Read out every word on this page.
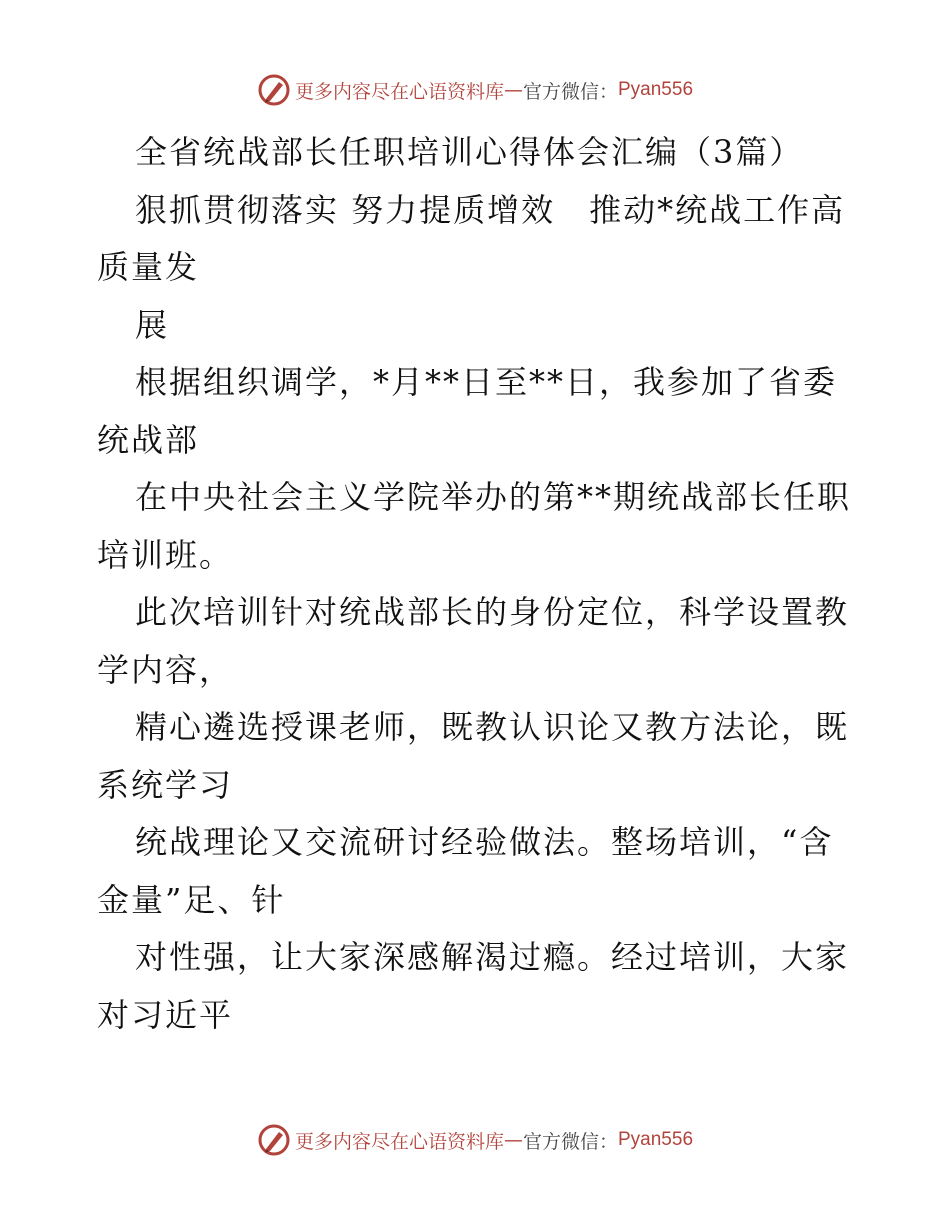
更多内容尽在心语资料库 — 官方微信： Pyan556
全省统战部长任职培训心得体会汇编（3篇）
狠抓贯彻落实 努力提质增效　推动*统战工作高
质量发
展
根据组织调学，*月**日至**日，我参加了省委
统战部
在中央社会主义学院举办的第**期统战部长任职
培训班。
此次培训针对统战部长的身份定位，科学设置教
学内容，
精心遴选授课老师，既教认识论又教方法论，既
系统学习
统战理论又交流研讨经验做法。整场培训，“含
金量”足、针
对性强，让大家深感解渴过瘾。经过培训，大家
对习近平
更多内容尽在心语资料库 — 官方微信： Pyan556
